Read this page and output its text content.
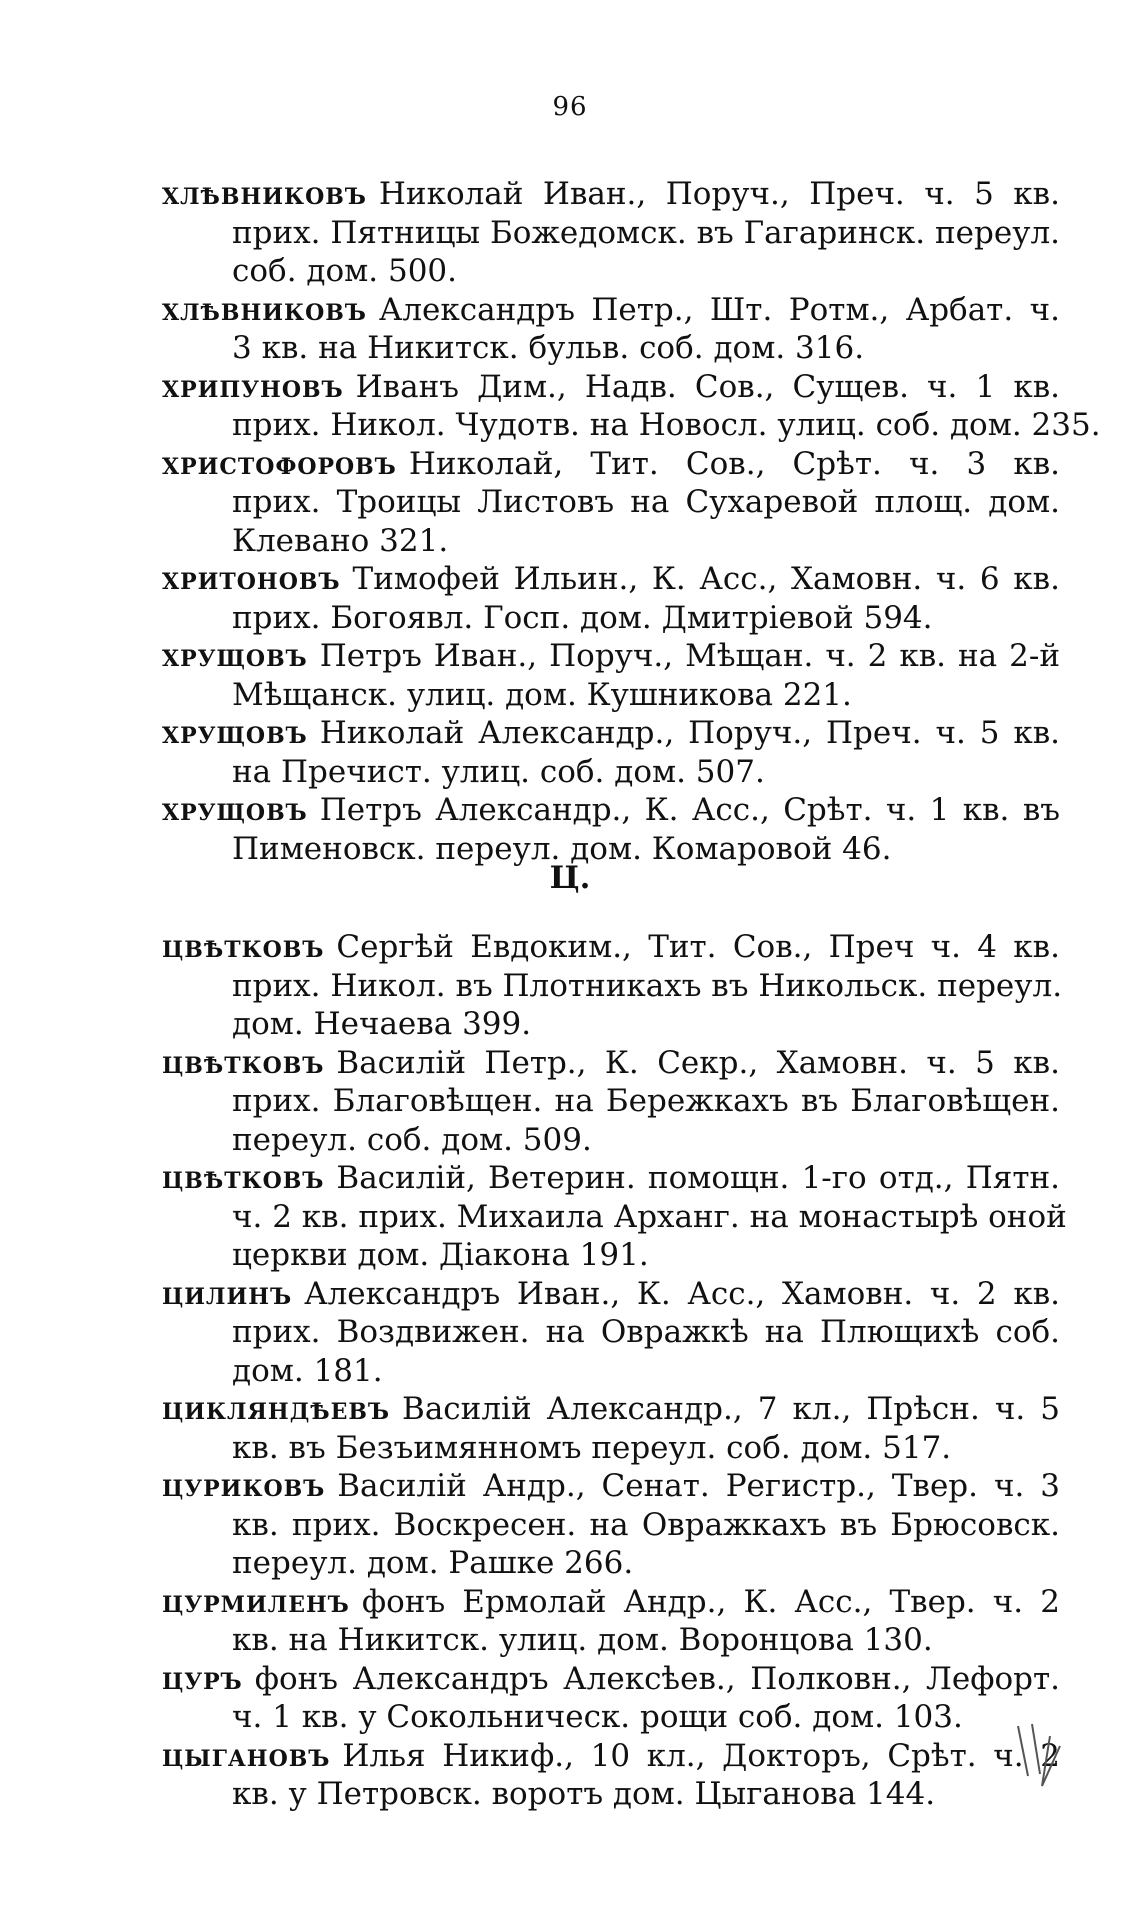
96

хлѣвниковъ Николай Иван., Поруч., Преч. ч. 5 кв.
прих. Пятницы Божедомск. въ Гагаринск. переул.
соб. дом. 500.

хлѣвниковъ Александръ Петр., Шт. Ротм., Арбат. ч.
3 кв. на Никитск. бульв. соб. дом. 316.

хрипуновъ Иванъ Дим., Надв. Сов., Сущев. ч. 1 кв.
прих. Никол. Чудотв. на Новосл. улиц. соб. дом. 235.

христофоровъ Николай, Тит. Сов., Срѣт. ч. 3 кв.
прих. Троицы Листовъ на Сухаревой площ. дом.
Клевано 321.

хритоновъ Тимофей Ильин., К. Асс., Хамовн. ч. 6 кв.
прих. Богоявл. Госп. дом. Дмитріевой 594.

хрущовъ Петръ Иван., Поруч., Мѣщан. ч. 2 кв. на 2-й
Мѣщанск. улиц. дом. Кушникова 221.

хрущовъ Николай Александр., Поруч., Преч. ч. 5 кв.
на Пречист. улиц. соб. дом. 507.

хрущовъ Петръ Александр., К. Асс., Срѣт. ч. 1 кв. въ
Пименовск. переул. дом. Комаровой 46.

Ц.

цвѣтковъ Сергѣй Евдоким., Тит. Сов., Преч ч. 4 кв.
прих. Никол. въ Плотникахъ въ Никольск. переул.
дом. Нечаева 399.

цвѣтковъ Василій Петр., К. Секр., Хамовн. ч. 5 кв.
прих. Благовѣщен. на Бережкахъ въ Благовѣщен.
переул. соб. дом. 509.

цвѣтковъ Василій, Ветерин. помощн. 1-го отд., Пятн.
ч. 2 кв. прих. Михаила Арханг. на монастырѣ оной
церкви дом. Діакона 191.

цилинъ Александръ Иван., К. Асс., Хамовн. ч. 2 кв.
прих. Воздвижен. на Овражкѣ на Плющихѣ соб.
дом. 181.

цикляндѣевъ Василій Александр., 7 кл., Прѣсн. ч. 5
кв. въ Безъимянномъ переул. соб. дом. 517.

цуриковъ Василій Андр., Сенат. Регистр., Твер. ч. 3
кв. прих. Воскресен. на Овражкахъ въ Брюсовск.
переул. дом. Рашке 266.

цурмиленъ фонъ Ермолай Андр., К. Асс., Твер. ч. 2
кв. на Никитск. улиц. дом. Воронцова 130.

цуръ фонъ Александръ Алексѣев., Полковн., Лефорт.
ч. 1 кв. у Сокольническ. рощи соб. дом. 103.

цыгановъ Илья Никиф., 10 кл., Докторъ, Срѣт. ч. 2
кв. у Петровск. воротъ дом. Цыганова 144.
